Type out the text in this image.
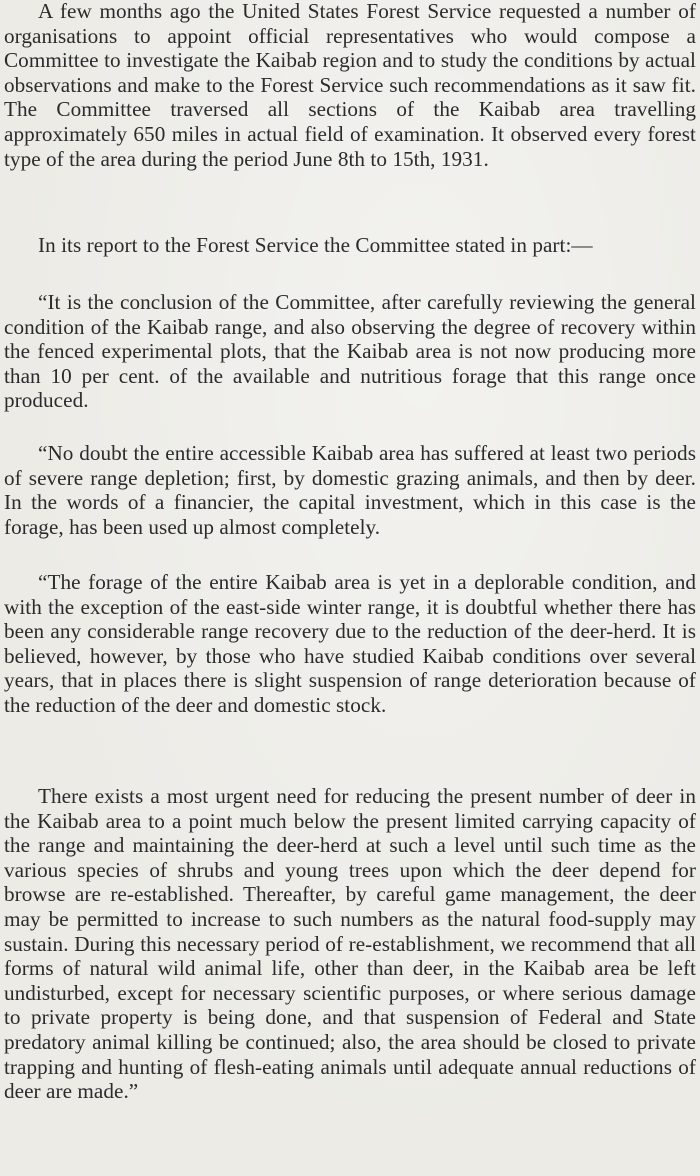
A few months ago the United States Forest Service requested a number of organisations to appoint official representatives who would compose a Committee to investigate the Kaibab region and to study the conditions by actual observations and make to the Forest Service such recommendations as it saw fit. The Committee traversed all sections of the Kaibab area travelling approximately 650 miles in actual field of examination. It observed every forest type of the area during the period June 8th to 15th, 1931.

In its report to the Forest Service the Committee stated in part:—

“It is the conclusion of the Committee, after carefully reviewing the general condition of the Kaibab range, and also observing the degree of recovery within the fenced experimental plots, that the Kaibab area is not now producing more than 10 per cent. of the available and nutritious forage that this range once produced.

“No doubt the entire accessible Kaibab area has suffered at least two periods of severe range depletion; first, by domestic grazing animals, and then by deer. In the words of a financier, the capital investment, which in this case is the forage, has been used up almost completely.

“The forage of the entire Kaibab area is yet in a deplorable condition, and with the exception of the east-side winter range, it is doubtful whether there has been any considerable range recovery due to the reduction of the deer-herd. It is believed, however, by those who have studied Kaibab conditions over several years, that in places there is slight suspension of range deterioration because of the reduction of the deer and domestic stock.

There exists a most urgent need for reducing the present number of deer in the Kaibab area to a point much below the present limited carrying capacity of the range and maintaining the deer-herd at such a level until such time as the various species of shrubs and young trees upon which the deer depend for browse are re-established. Thereafter, by careful game management, the deer may be permitted to increase to such numbers as the natural food-supply may sustain. During this necessary period of re-establishment, we recommend that all forms of natural wild animal life, other than deer, in the Kaibab area be left undisturbed, except for necessary scientific purposes, or where serious damage to private property is being done, and that suspension of Federal and State predatory animal killing be continued; also, the area should be closed to private trapping and hunting of flesh-eating animals until adequate annual reductions of deer are made.”
